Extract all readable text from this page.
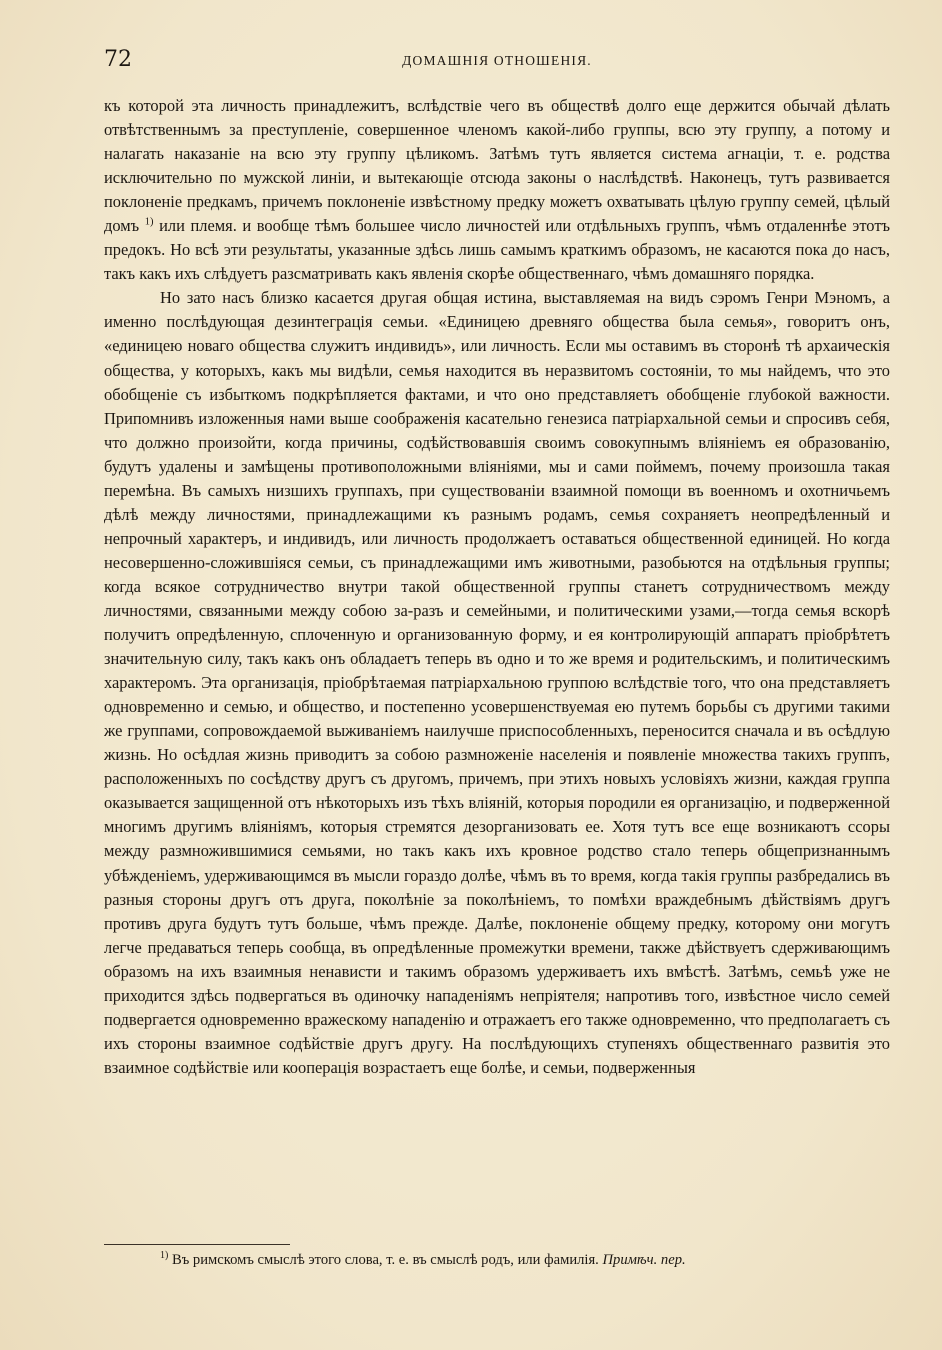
72	ДОМАШНІЯ ОТНОШЕНІЯ.

къ которой эта личность принадлежитъ, вслѣдствіе чего въ обществѣ долго еще держится обычай дѣлать отвѣтственнымъ за преступленіе, совершенное членомъ какой-либо группы, всю эту группу, а потому и налагать наказаніе на всю эту группу цѣликомъ. Затѣмъ тутъ является система агнаціи, т. е. родства исключительно по мужской линіи, и вытекающіе отсюда законы о наслѣдствѣ. Наконецъ, тутъ развивается поклоненіе предкамъ, причемъ поклоненіе извѣстному предку можетъ охватывать цѣлую группу семей, цѣлый домъ $^{1)}$ или племя. и вообще тѣмъ большее число личностей или отдѣльныхъ группъ, чѣмъ отдаленнѣе этотъ предокъ. Но всѣ эти результаты, указанные здѣсь лишь самымъ краткимъ образомъ, не касаются пока до насъ, такъ какъ ихъ слѣдуетъ разсматривать какъ явленія скорѣе общественнаго, чѣмъ домашняго порядка.

Но зато насъ близко касается другая общая истина, выставляемая на видъ сэромъ Генри Мэномъ, а именно послѣдующая дезинтеграція семьи. «Единицею древняго общества была семья», говоритъ онъ, «единицею новаго общества служитъ индивидъ», или личность. Если мы оставимъ въ сторонѣ тѣ архаическія общества, у которыхъ, какъ мы видѣли, семья находится въ неразвитомъ состояніи, то мы найдемъ, что это обобщеніе съ избыткомъ подкрѣпляется фактами, и что оно представляетъ обобщеніе глубокой важности. Припомнивъ изложенныя нами выше соображенія касательно генезиса патріархальной семьи и спросивъ себя, что должно произойти, когда причины, содѣйствовавшія своимъ совокупнымъ вліяніемъ ея образованію, будутъ удалены и замѣщены противоположными вліяніями, мы и сами поймемъ, почему произошла такая перемѣна. Въ самыхъ низшихъ группахъ, при существованіи взаимной помощи въ военномъ и охотничьемъ дѣлѣ между личностями, принадлежащими къ разнымъ родамъ, семья сохраняетъ неопредѣленный и непрочный характеръ, и индивидъ, или личность продолжаетъ оставаться общественной единицей. Но когда несовершенно-сложившіяся семьи, съ принадлежащими имъ животными, разобьются на отдѣльныя группы; когда всякое сотрудничество внутри такой общественной группы станетъ сотрудничествомъ между личностями, связанными между собою за-разъ и семейными, и политическими узами,—тогда семья вскорѣ получитъ опредѣленную, сплоченную и организованную форму, и ея контролирующій аппаратъ пріобрѣтетъ значительную силу, такъ какъ онъ обладаетъ теперь въ одно и то же время и родительскимъ, и политическимъ характеромъ. Эта организація, пріобрѣтаемая патріархальною группою вслѣдствіе того, что она представляетъ одновременно и семью, и общество, и постепенно усовершенствуемая ею путемъ борьбы съ другими такими же группами, сопровождаемой выживаніемъ наилучше приспособленныхъ, переносится сначала и въ осѣдлую жизнь. Но осѣдлая жизнь приводитъ за собою размноженіе населенія и появленіе множества такихъ группъ, расположенныхъ по сосѣдству другъ съ другомъ, причемъ, при этихъ новыхъ условіяхъ жизни, каждая группа оказывается защищенной отъ нѣкоторыхъ изъ тѣхъ вліяній, которыя породили ея организацію, и подверженной многимъ другимъ вліяніямъ, которыя стремятся дезорганизовать ее. Хотя тутъ все еще возникаютъ ссоры между размножившимися семьями, но такъ какъ ихъ кровное родство стало теперь общепризнаннымъ убѣжденіемъ, удерживающимся въ мысли гораздо долѣе, чѣмъ въ то время, когда такія группы разбредались въ разныя стороны другъ отъ друга, поколѣніе за поколѣніемъ, то помѣхи враждебнымъ дѣйствіямъ другъ противъ друга будутъ тутъ больше, чѣмъ прежде. Далѣе, поклоненіе общему предку, которому они могутъ легче предаваться теперь сообща, въ опредѣленные промежутки времени, также дѣйствуетъ сдерживающимъ образомъ на ихъ взаимныя ненависти и такимъ образомъ удерживаетъ ихъ вмѣстѣ. Затѣмъ, семьѣ уже не приходится здѣсь подвергаться въ одиночку нападеніямъ непріятеля; напротивъ того, извѣстное число семей подвергается одновременно вражескому нападенію и отражаетъ его также одновременно, что предполагаетъ съ ихъ стороны взаимное содѣйствіе другъ другу. На послѣдующихъ ступеняхъ общественнаго развитія это взаимное содѣйствіе или кооперація возрастаетъ еще болѣе, и семьи, подверженныя

$^{1)}$ Въ римскомъ смыслѣ этого слова, т. е. въ смыслѣ родъ, или фамилія. Примѣч. пер.
